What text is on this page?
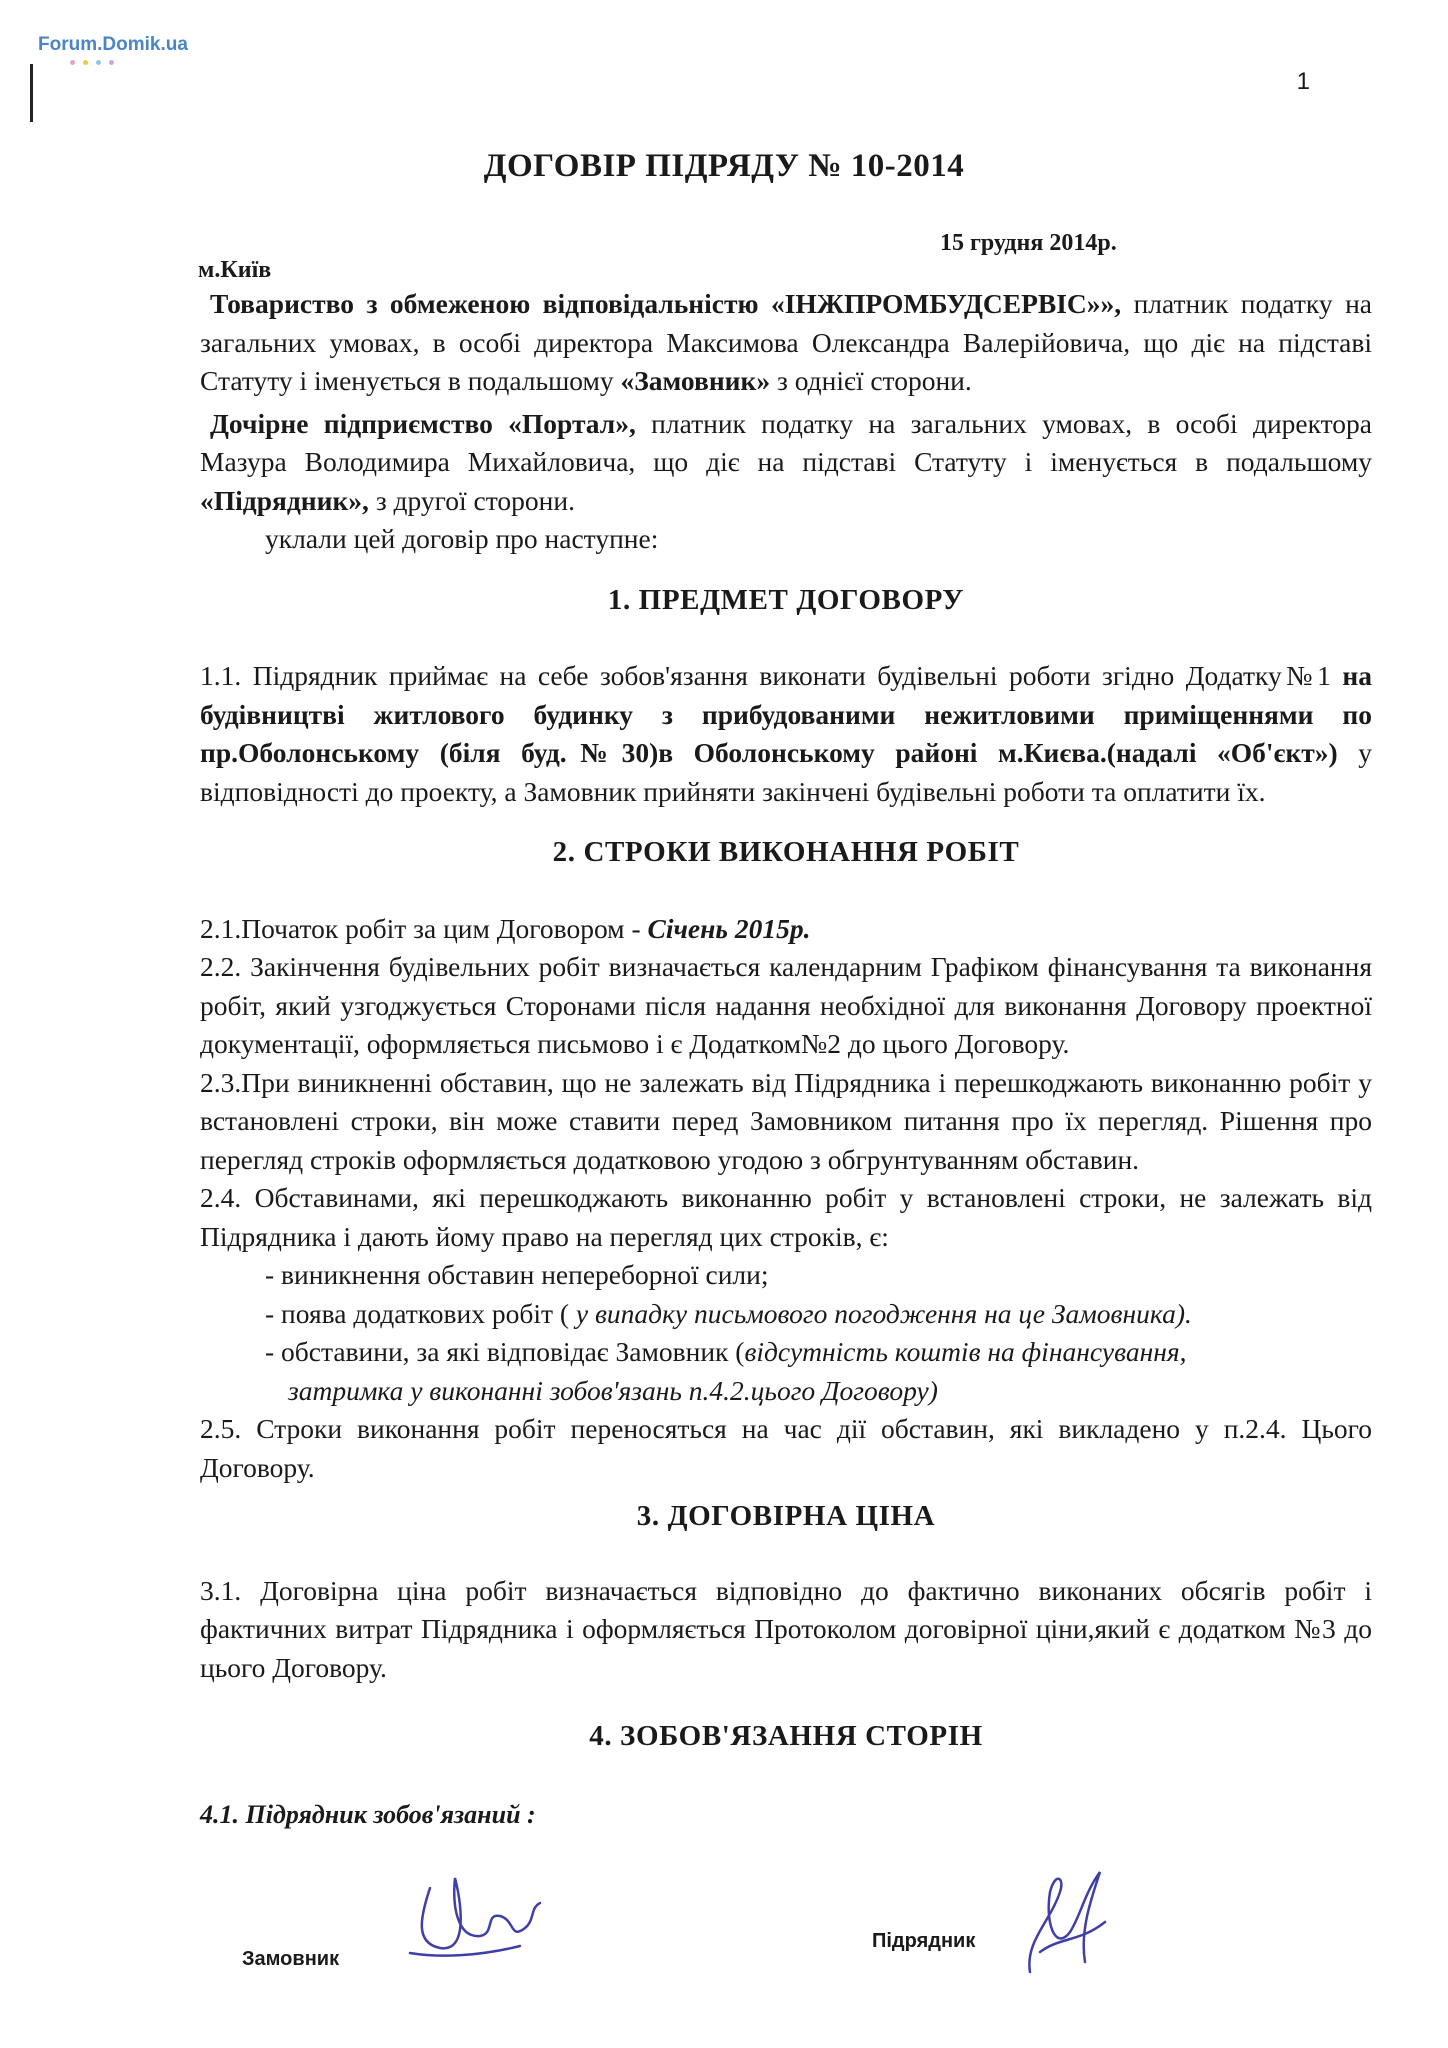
Forum.Domik.ua
1
ДОГОВІР ПІДРЯДУ № 10-2014
15 грудня 2014р.
м.Київ

Товариство з обмеженою відповідальністю «ІНЖПРОМБУДСЕРВІС»», платник податку на загальних умовах, в особі директора Максимова Олександра Валерійовича, що діє на підставі Статуту і іменується в подальшому «Замовник» з однієї сторони.

Дочірне підприємство «Портал», платник податку на загальних умовах, в особі директора Мазура Володимира Михайловича, що діє на підставі Статуту і іменується в подальшому «Підрядник», з другої сторони.

уклали цей договір про наступне:

1. ПРЕДМЕТ ДОГОВОРУ

1.1. Підрядник приймає на себе зобов'язання виконати будівельні роботи згідно Додатку№1 на будівництві житлового будинку з прибудованими нежитловими приміщеннями по пр.Оболонському (біля буд.№30)в Оболонському районі м.Києва.(надалі «Об'єкт») у відповідності до проекту, а Замовник прийняти закінчені будівельні роботи та оплатити їх.

2. СТРОКИ ВИКОНАННЯ РОБІТ

2.1.Початок робіт за цим Договором - Січень 2015р.

2.2. Закінчення будівельних робіт визначається календарним Графіком фінансування та виконання робіт, який узгоджується Сторонами після надання необхідної для виконання Договору проектної документації, оформляється письмово і є Додатком№2 до цього Договору.

2.3.При виникненні обставин, що не залежать від Підрядника і перешкоджають виконанню робіт у встановлені строки, він може ставити перед Замовником питання про їх перегляд. Рішення про перегляд строків оформляється додатковою угодою з обгрунтуванням обставин.

2.4. Обставинами, які перешкоджають виконанню робіт у встановлені строки, не залежать від Підрядника і дають йому право на перегляд цих строків, є:

- виникнення обставин непереборної сили;

- поява додаткових робіт ( у випадку письмового погодження на це Замовника).

- обставини, за які відповідає Замовник (відсутність коштів на фінансування,

затримка у виконанні зобов'язань п.4.2.цього Договору)

2.5. Строки виконання робіт переносяться на час дії обставин, які викладено у п.2.4. Цього Договору.

3. ДОГОВІРНА ЦІНА

3.1. Договірна ціна робіт визначається відповідно до фактично виконаних обсягів робіт і фактичних витрат Підрядника і оформляється Протоколом договірної ціни,який є додатком №3 до цього Договору.

4. ЗОБОВ'ЯЗАННЯ СТОРІН

4.1. Підрядник зобов'язаний :

Замовник
Підрядник
